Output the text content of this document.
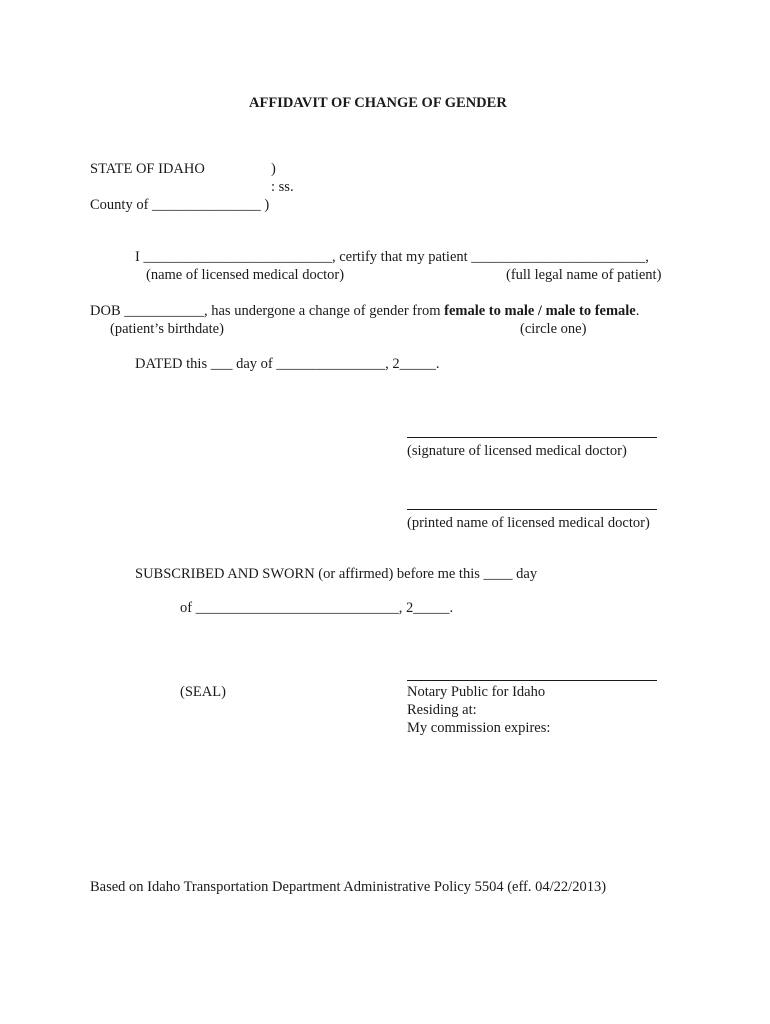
AFFIDAVIT OF CHANGE OF GENDER
STATE OF IDAHO	)
: ss.
County of _______________ )
I __________________________, certify that my patient ________________________,
(name of licensed medical doctor)	(full legal name of patient)
DOB ___________, has undergone a change of gender from female to male / male to female.
(patient’s birthdate)	(circle one)
DATED this ___ day of _______________, 2_____.
(signature of licensed medical doctor)
(printed name of licensed medical doctor)
SUBSCRIBED AND SWORN (or affirmed) before me this ____ day
of ____________________________, 2_____.
(SEAL)	Notary Public for Idaho
Residing at:
My commission expires:
Based on Idaho Transportation Department Administrative Policy 5504 (eff. 04/22/2013)
